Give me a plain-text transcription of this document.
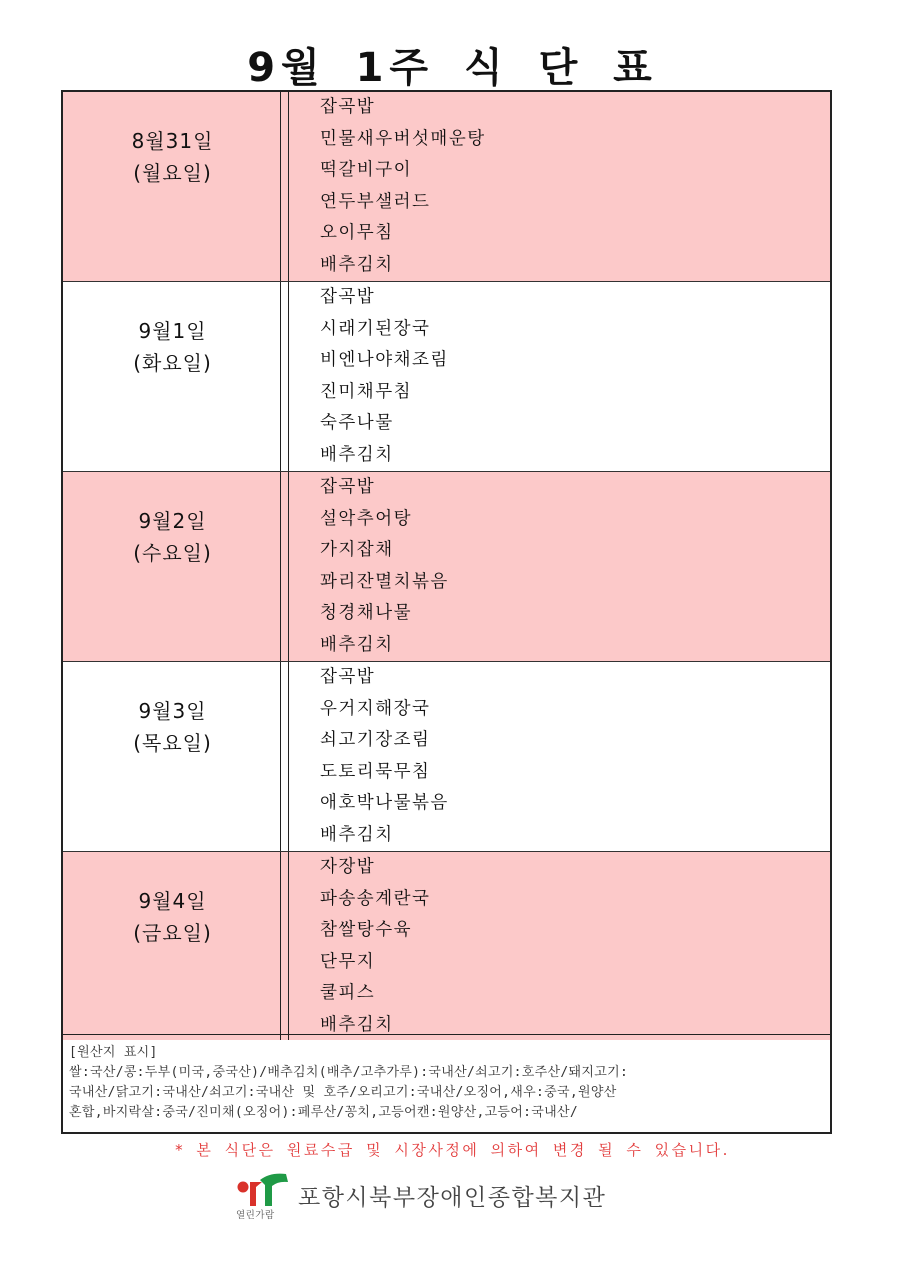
9월 1주 식 단 표
8월31일
(월요일)
잡곡밥
민물새우버섯매운탕
떡갈비구이
연두부샐러드
오이무침
배추김치
9월1일
(화요일)
잡곡밥
시래기된장국
비엔나야채조림
진미채무침
숙주나물
배추김치
9월2일
(수요일)
잡곡밥
설악추어탕
가지잡채
꽈리잔멸치볶음
청경채나물
배추김치
9월3일
(목요일)
잡곡밥
우거지해장국
쇠고기장조림
도토리묵무침
애호박나물볶음
배추김치
9월4일
(금요일)
자장밥
파송송계란국
참쌀탕수육
단무지
쿨피스
배추김치
[원산지 표시]
쌀:국산/콩:두부(미국,중국산)/배추김치(배추/고추가루):국내산/쇠고기:호주산/돼지고기:
국내산/닭고기:국내산/쇠고기:국내산 및 호주/오리고기:국내산/오징어,새우:중국,원양산
혼합,바지락살:중국/진미채(오징어):페루산/꽁치,고등어캔:원양산,고등어:국내산/
* 본 식단은 원료수급 및 시장사정에 의하여 변경 될 수 있습니다.
열린가람
포항시북부장애인종합복지관
